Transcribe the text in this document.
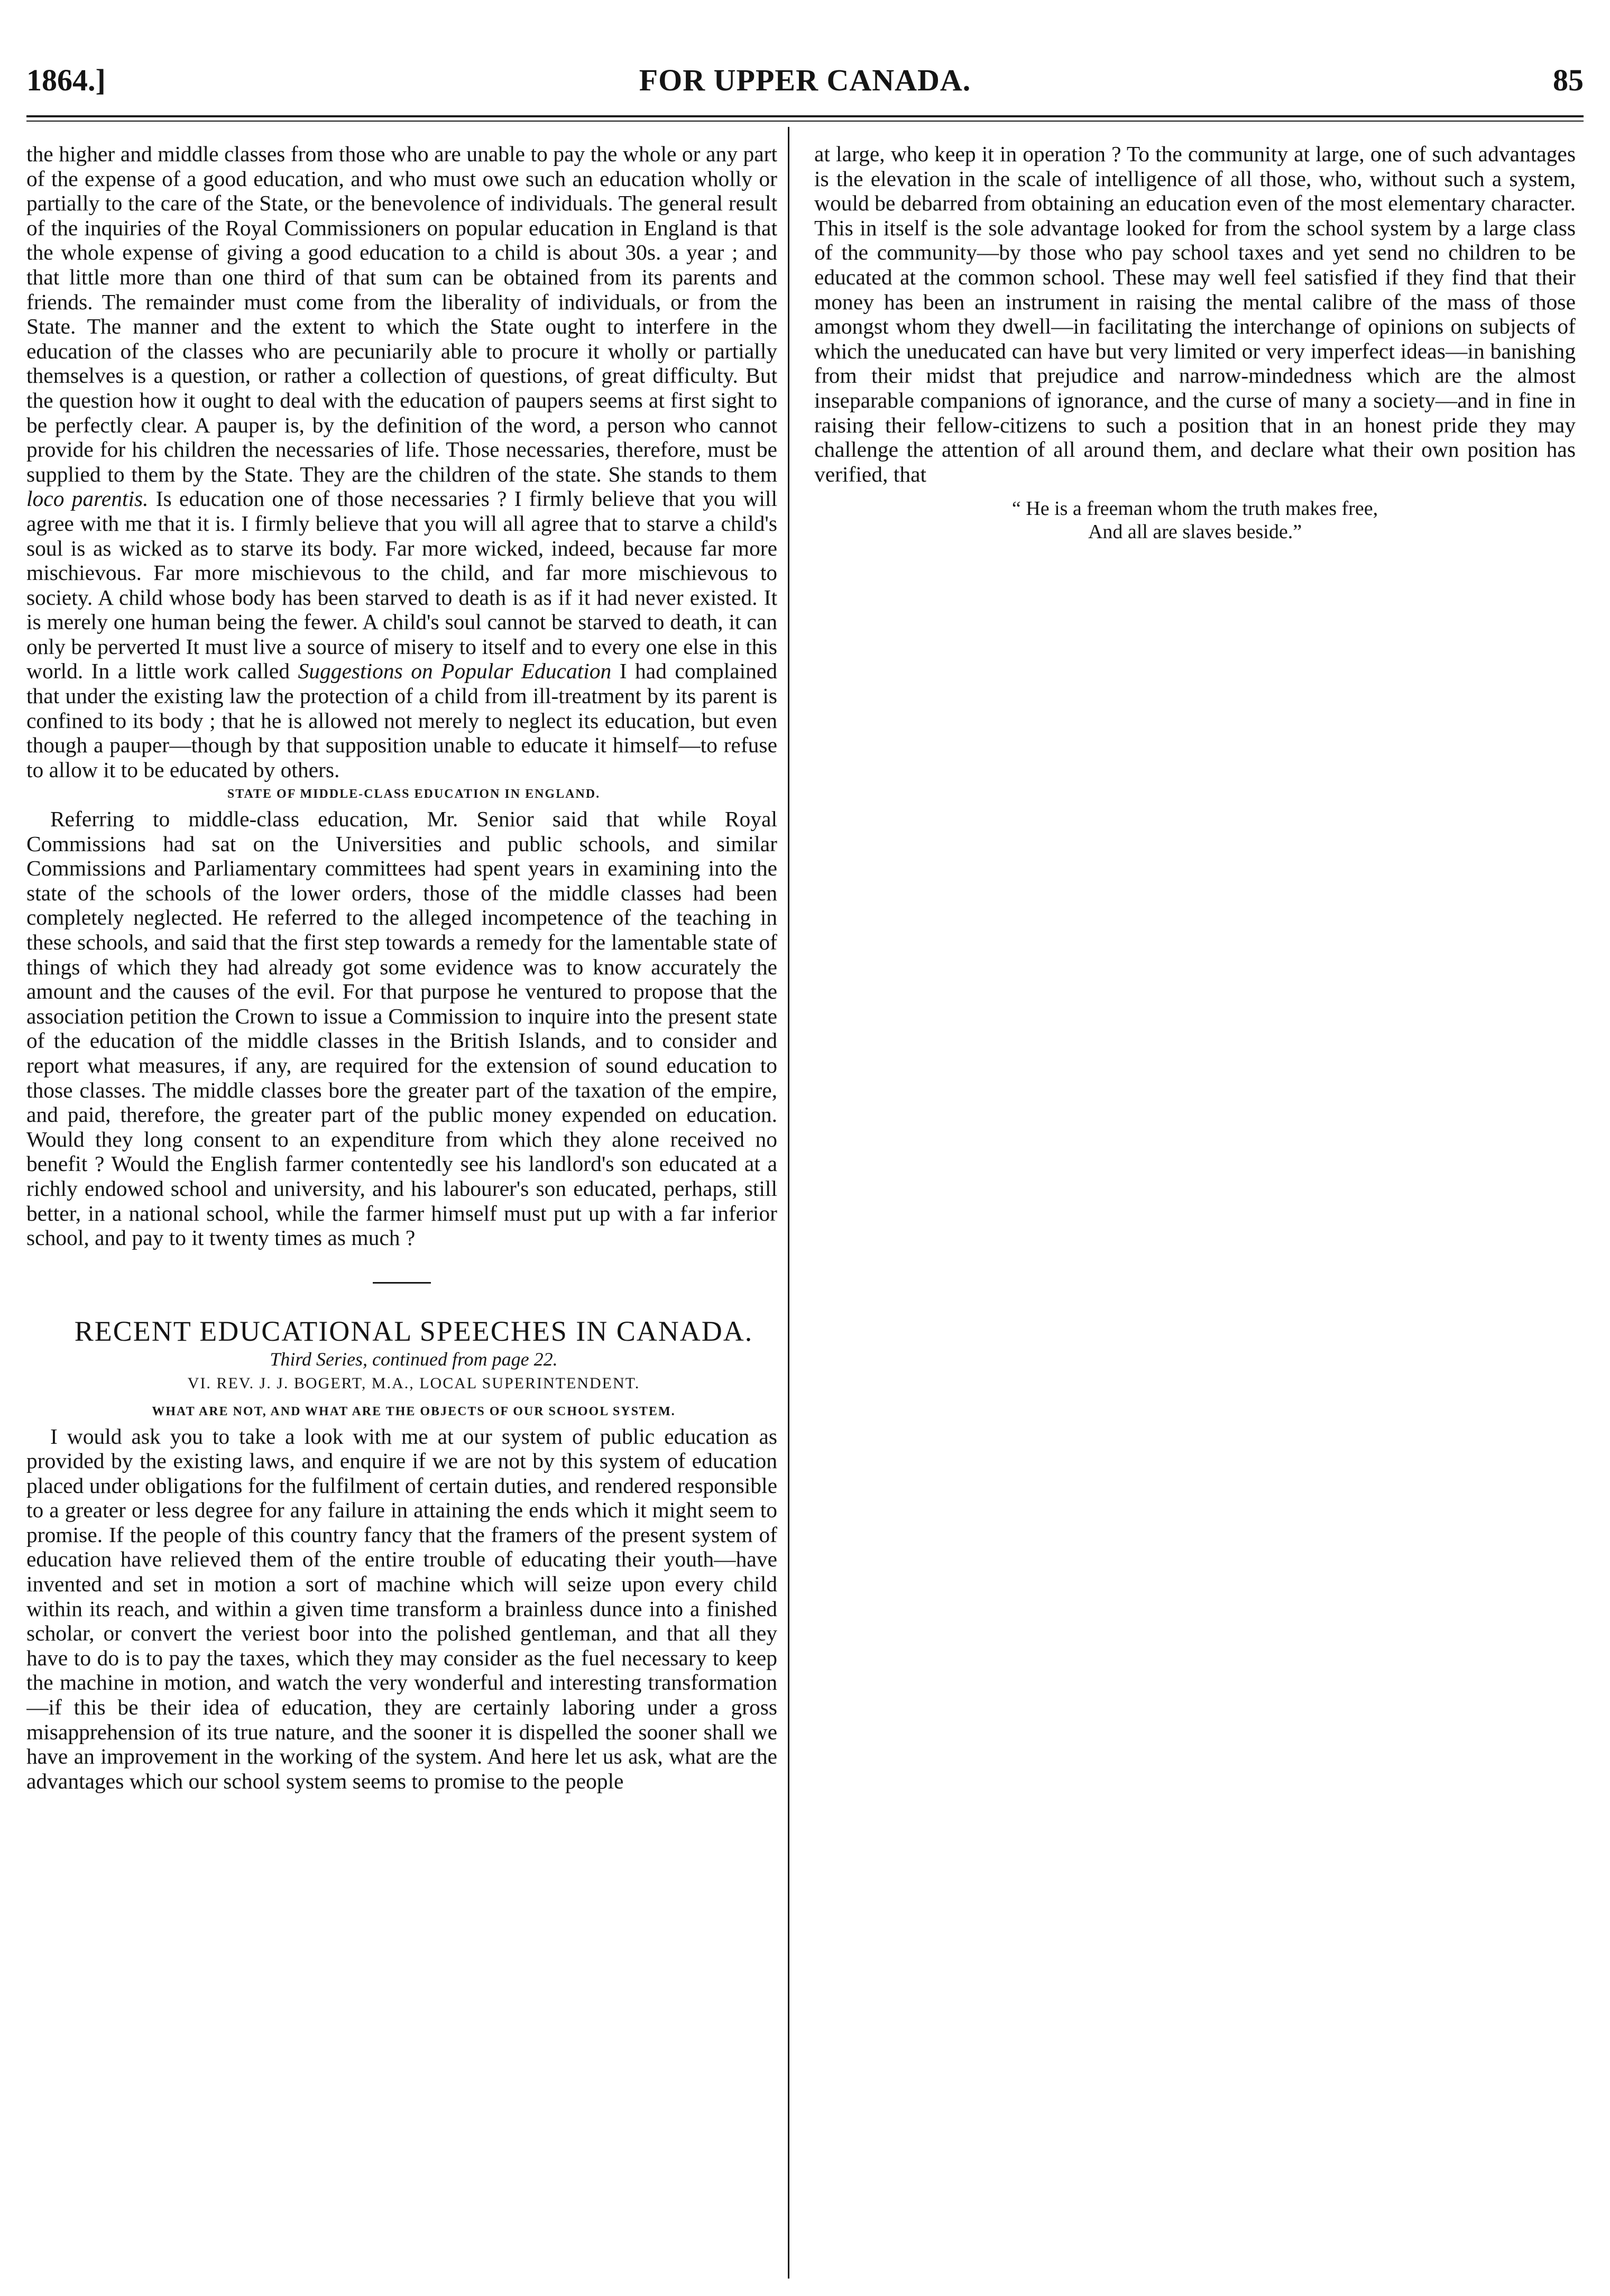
1864.]	FOR UPPER CANADA.	85

the higher and middle classes from those who are unable to pay the whole or any part of the expense of a good education, and who must owe such an education wholly or partially to the care of the State, or the benevolence of individuals. The general result of the inquiries of the Royal Commissioners on popular education in England is that the whole expense of giving a good education to a child is about 30s. a year ; and that little more than one third of that sum can be obtained from its parents and friends. The remainder must come from the liberality of individuals, or from the State. The manner and the extent to which the State ought to interfere in the education of the classes who are pecuniarily able to procure it wholly or partially themselves is a question, or rather a collection of questions, of great difficulty. But the question how it ought to deal with the education of paupers seems at first sight to be perfectly clear. A pauper is, by the definition of the word, a person who cannot provide for his children the necessaries of life. Those necessaries, therefore, must be supplied to them by the State. They are the children of the state. She stands to them loco parentis. Is education one of those necessaries ? I firmly believe that you will agree with me that it is. I firmly believe that you will all agree that to starve a child's soul is as wicked as to starve its body. Far more wicked, indeed, because far more mischievous. Far more mischievous to the child, and far more mischievous to society. A child whose body has been starved to death is as if it had never existed. It is merely one human being the fewer. A child's soul cannot be starved to death, it can only be perverted It must live a source of misery to itself and to every one else in this world. In a little work called Suggestions on Popular Education I had complained that under the existing law the protection of a child from ill-treatment by its parent is confined to its body ; that he is allowed not merely to neglect its education, but even though a pauper—though by that supposition unable to educate it himself—to refuse to allow it to be educated by others.

STATE OF MIDDLE-CLASS EDUCATION IN ENGLAND.

Referring to middle-class education, Mr. Senior said that while Royal Commissions had sat on the Universities and public schools, and similar Commissions and Parliamentary committees had spent years in examining into the state of the schools of the lower orders, those of the middle classes had been completely neglected. He referred to the alleged incompetence of the teaching in these schools, and said that the first step towards a remedy for the lamentable state of things of which they had already got some evidence was to know accurately the amount and the causes of the evil. For that purpose he ventured to propose that the association petition the Crown to issue a Commission to inquire into the present state of the education of the middle classes in the British Islands, and to consider and report what measures, if any, are required for the extension of sound education to those classes. The middle classes bore the greater part of the taxation of the empire, and paid, therefore, the greater part of the public money expended on education. Would they long consent to an expenditure from which they alone received no benefit ? Would the English farmer contentedly see his landlord's son educated at a richly endowed school and university, and his labourer's son educated, perhaps, still better, in a national school, while the farmer himself must put up with a far inferior school, and pay to it twenty times as much ?

RECENT EDUCATIONAL SPEECHES IN CANADA.

Third Series, continued from page 22.

VI. REV. J. J. BOGERT, M.A., LOCAL SUPERINTENDENT.

WHAT ARE NOT, AND WHAT ARE THE OBJECTS OF OUR SCHOOL SYSTEM.

I would ask you to take a look with me at our system of public education as provided by the existing laws, and enquire if we are not by this system of education placed under obligations for the fulfilment of certain duties, and rendered responsible to a greater or less degree for any failure in attaining the ends which it might seem to promise. If the people of this country fancy that the framers of the present system of education have relieved them of the entire trouble of educating their youth—have invented and set in motion a sort of machine which will seize upon every child within its reach, and within a given time transform a brainless dunce into a finished scholar, or convert the veriest boor into the polished gentleman, and that all they have to do is to pay the taxes, which they may consider as the fuel necessary to keep the machine in motion, and watch the very wonderful and interesting transformation—if this be their idea of education, they are certainly laboring under a gross misapprehension of its true nature, and the sooner it is dispelled the sooner shall we have an improvement in the working of the system. And here let us ask, what are the advantages which our school system seems to promise to the people

at large, who keep it in operation ? To the community at large, one of such advantages is the elevation in the scale of intelligence of all those, who, without such a system, would be debarred from obtaining an education even of the most elementary character. This in itself is the sole advantage looked for from the school system by a large class of the community—by those who pay school taxes and yet send no children to be educated at the common school. These may well feel satisfied if they find that their money has been an instrument in raising the mental calibre of the mass of those amongst whom they dwell—in facilitating the interchange of opinions on subjects of which the uneducated can have but very limited or very imperfect ideas—in banishing from their midst that prejudice and narrow-mindedness which are the almost inseparable companions of ignorance, and the curse of many a society—and in fine in raising their fellow-citizens to such a position that in an honest pride they may challenge the attention of all around them, and declare what their own position has verified, that

“ He is a freeman whom the truth makes free,
And all are slaves beside.”
